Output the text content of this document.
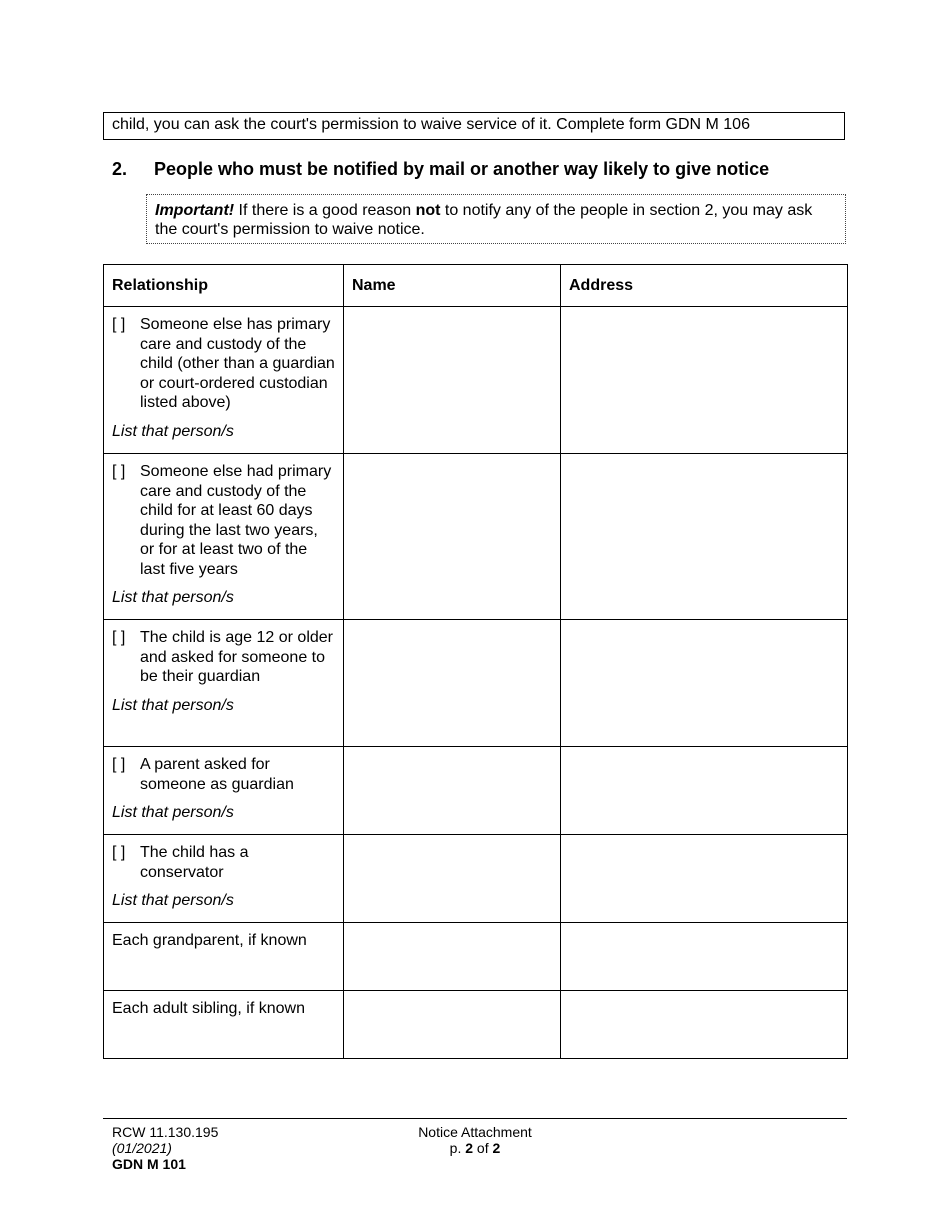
child, you can ask the court's permission to waive service of it. Complete form GDN M 106
2. People who must be notified by mail or another way likely to give notice
Important! If there is a good reason not to notify any of the people in section 2, you may ask the court's permission to waive notice.
Relationship	Name	Address

[ ] Someone else has primary care and custody of the child (other than a guardian or court-ordered custodian listed above)
List that person/s		

[ ] Someone else had primary care and custody of the child for at least 60 days during the last two years, or for at least two of the last five years
List that person/s		

[ ] The child is age 12 or older and asked for someone to be their guardian
List that person/s		

[ ] A parent asked for someone as guardian
List that person/s		

[ ] The child has a conservator
List that person/s		

Each grandparent, if known		
Each adult sibling, if known		
RCW 11.130.195
(01/2021)
GDN M 101
Notice Attachment
p. 2 of 2
